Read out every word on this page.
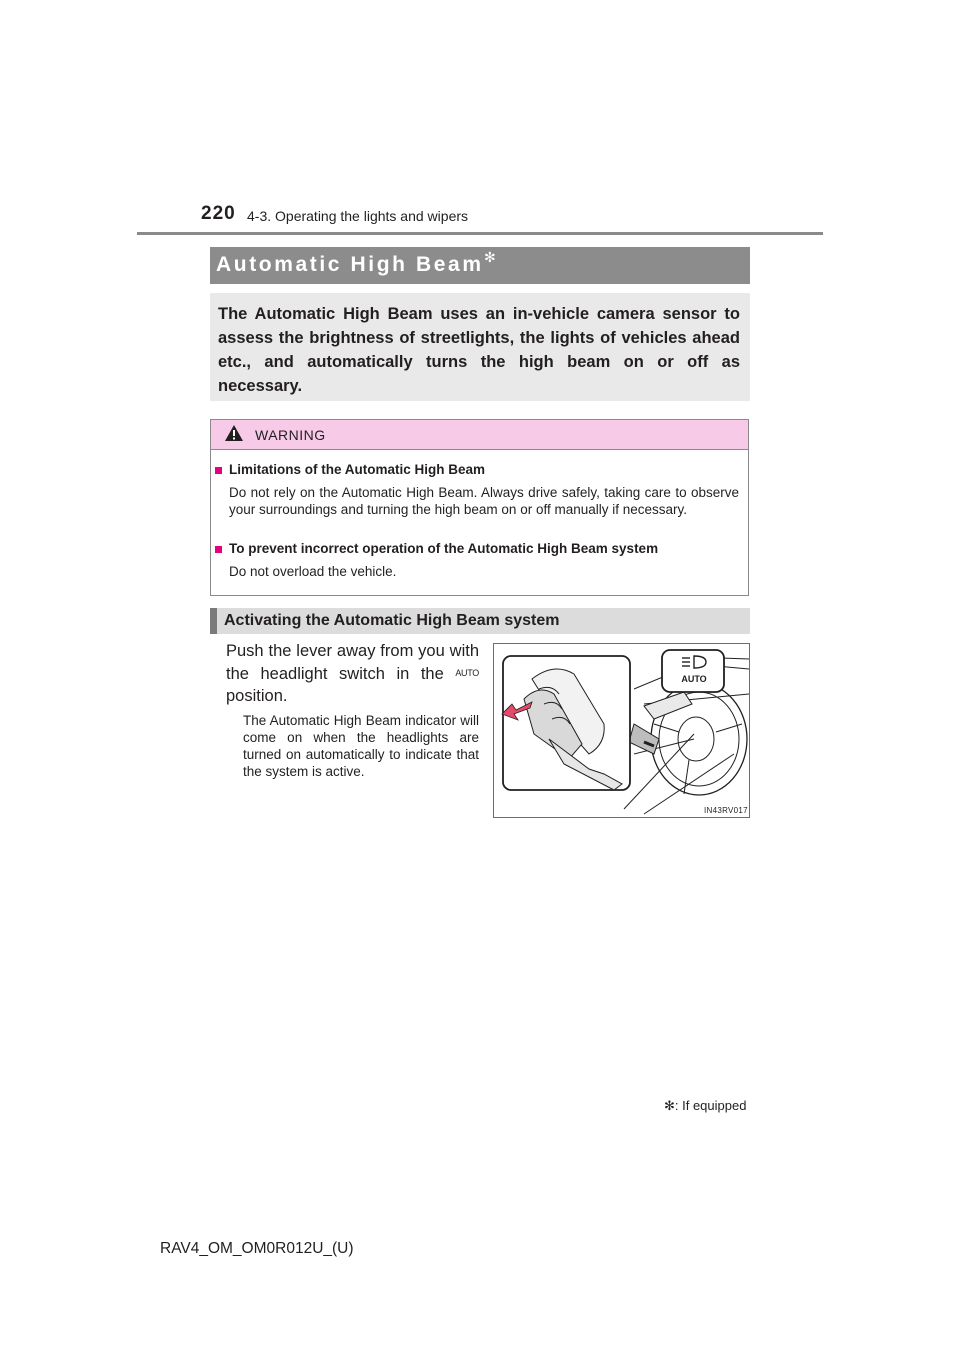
220 4-3. Operating the lights and wipers
Automatic High Beam ✻
The Automatic High Beam uses an in-vehicle camera sensor to assess the brightness of streetlights, the lights of vehicles ahead etc., and automatically turns the high beam on or off as necessary.
WARNING
Limitations of the Automatic High Beam
Do not rely on the Automatic High Beam. Always drive safely, taking care to observe your surroundings and turning the high beam on or off manually if necessary.
To prevent incorrect operation of the Automatic High Beam system
Do not overload the vehicle.
Activating the Automatic High Beam system
Push the lever away from you with the headlight switch in the AUTO position.
The Automatic High Beam indicator will come on when the headlights are turned on automatically to indicate that the system is active.
AUTO
IN43RV017
✻: If equipped
RAV4_OM_OM0R012U_(U)
